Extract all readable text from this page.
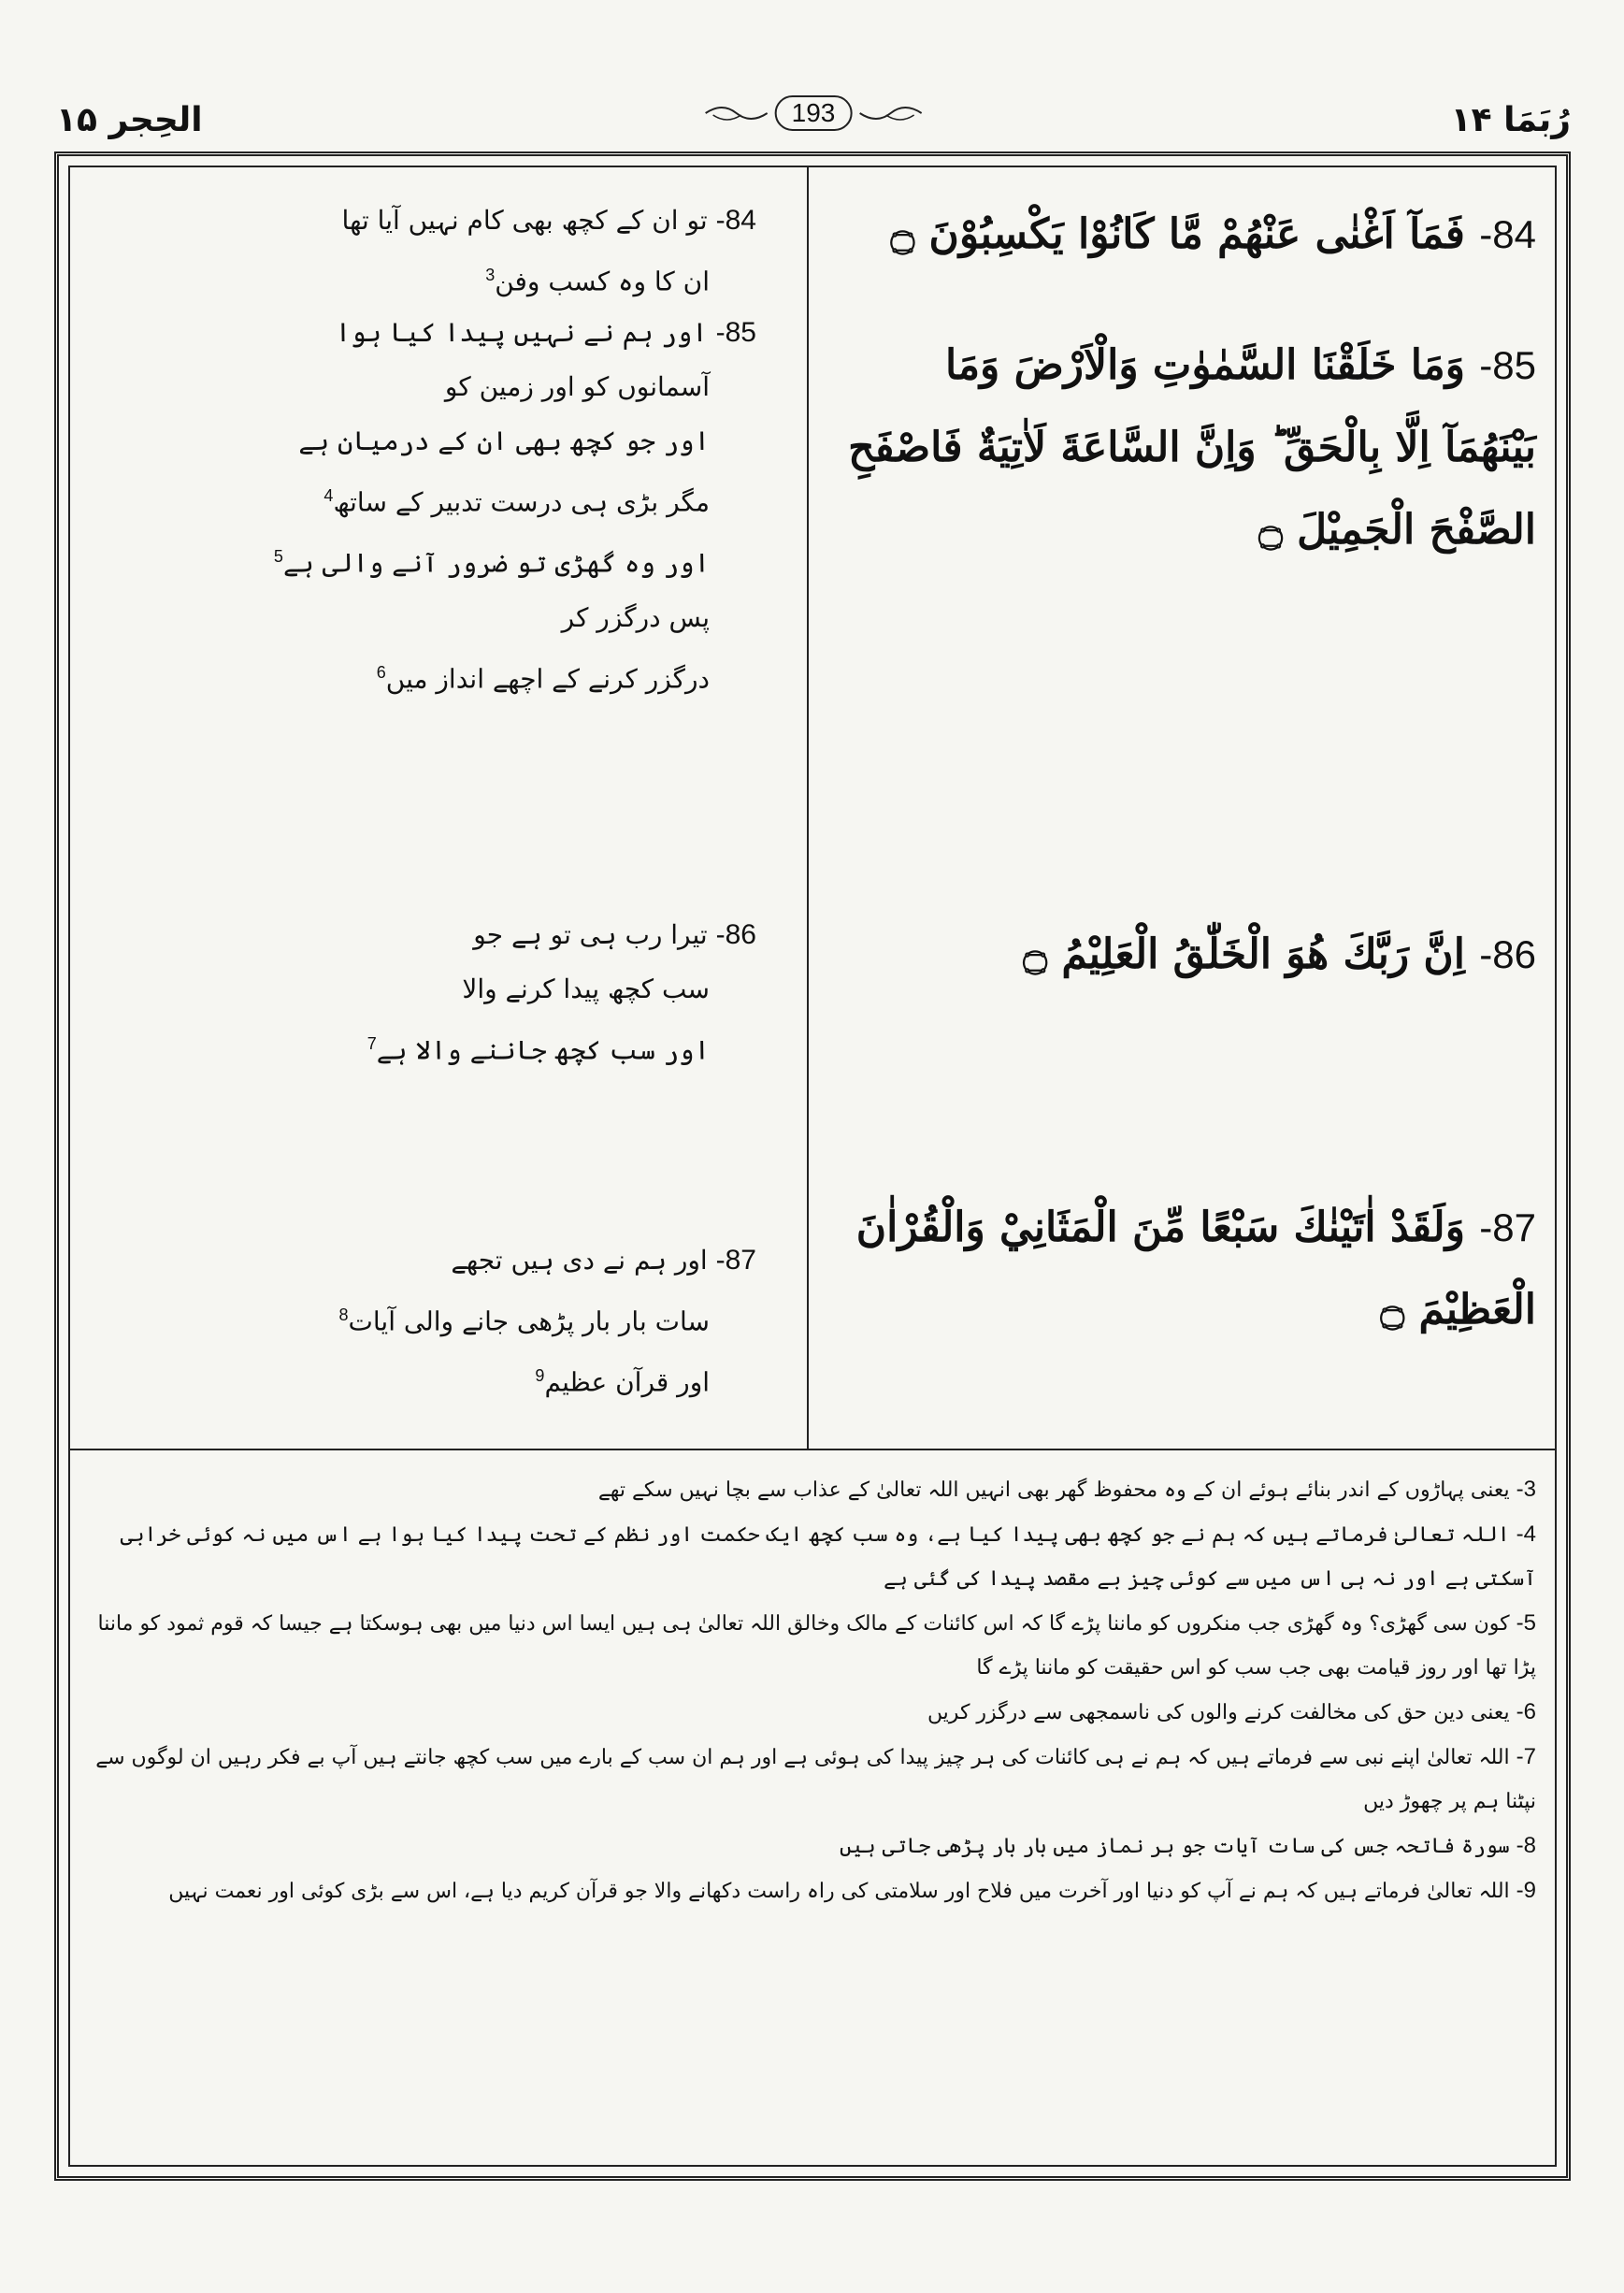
الحِجر ۱۵	193	رُبَمَا ۱۴
84- فَمَآ اَغْنٰى عَنْهُمْ مَّا كَانُوْا يَكْسِبُوْنَ ۝
85- وَمَا خَلَقْنَا السَّمٰوٰتِ وَالْاَرْضَ وَمَا بَيْنَهُمَآ اِلَّا بِالْحَقِّ ؕ وَاِنَّ السَّاعَةَ لَاٰتِيَةٌ فَاصْفَحِ الصَّفْحَ الْجَمِيْلَ ۝
86- اِنَّ رَبَّكَ هُوَ الْخَلّٰقُ الْعَلِيْمُ ۝
87- وَلَقَدْ اٰتَيْنٰكَ سَبْعًا مِّنَ الْمَثَانِيْ وَالْقُرْاٰنَ الْعَظِيْمَ ۝
84- تو ان کے کچھ بھی کام نہیں آیا تھا
ان کا وہ کسب وفن$^3$
85- اور ہم نے نہیں پیدا کیا ہوا
آسمانوں کو اور زمین کو
اور جو کچھ بھی ان کے درمیان ہے
مگر بڑی ہی درست تدبیر کے ساتھ$^4$
اور وہ گھڑی تو ضرور آنے والی ہے$^5$
پس درگزر کر
درگزر کرنے کے اچھے انداز میں$^6$
86- تیرا رب ہی تو ہے جو
سب کچھ پیدا کرنے والا
اور سب کچھ جاننے والا ہے$^7$
87- اور ہم نے دی ہیں تجھے
سات بار بار پڑھی جانے والی آیات$^8$
اور قرآن عظیم$^9$
3- یعنی پہاڑوں کے اندر بنائے ہوئے ان کے وہ محفوظ گھر بھی انہیں اللہ تعالیٰ کے عذاب سے بچا نہیں سکے تھے
4- اللہ تعالیٰ فرماتے ہیں کہ ہم نے جو کچھ بھی پیدا کیا ہے، وہ سب کچھ ایک حکمت اور نظم کے تحت پیدا کیا ہوا ہے اس میں نہ کوئی خرابی آسکتی ہے اور نہ ہی اس میں سے کوئی چیز بے مقصد پیدا کی گئی ہے
5- کون سی گھڑی؟ وہ گھڑی جب منکروں کو ماننا پڑے گا کہ اس کائنات کے مالک وخالق اللہ تعالیٰ ہی ہیں ایسا اس دنیا میں بھی ہوسکتا ہے جیسا کہ قوم ثمود کو ماننا پڑا تھا اور روز قیامت بھی جب سب کو اس حقیقت کو ماننا پڑے گا
6- یعنی دین حق کی مخالفت کرنے والوں کی ناسمجھی سے درگزر کریں
7- اللہ تعالیٰ اپنے نبی سے فرماتے ہیں کہ ہم نے ہی کائنات کی ہر چیز پیدا کی ہوئی ہے اور ہم ان سب کے بارے میں سب کچھ جانتے ہیں آپ بے فکر رہیں ان لوگوں سے نپٹنا ہم پر چھوڑ دیں
8- سورۃ فاتحہ جس کی سات آیات جو ہر نماز میں بار بار پڑھی جاتی ہیں
9- اللہ تعالیٰ فرماتے ہیں کہ ہم نے آپ کو دنیا اور آخرت میں فلاح اور سلامتی کی راہ راست دکھانے والا جو قرآن کریم دیا ہے، اس سے بڑی کوئی اور نعمت نہیں
